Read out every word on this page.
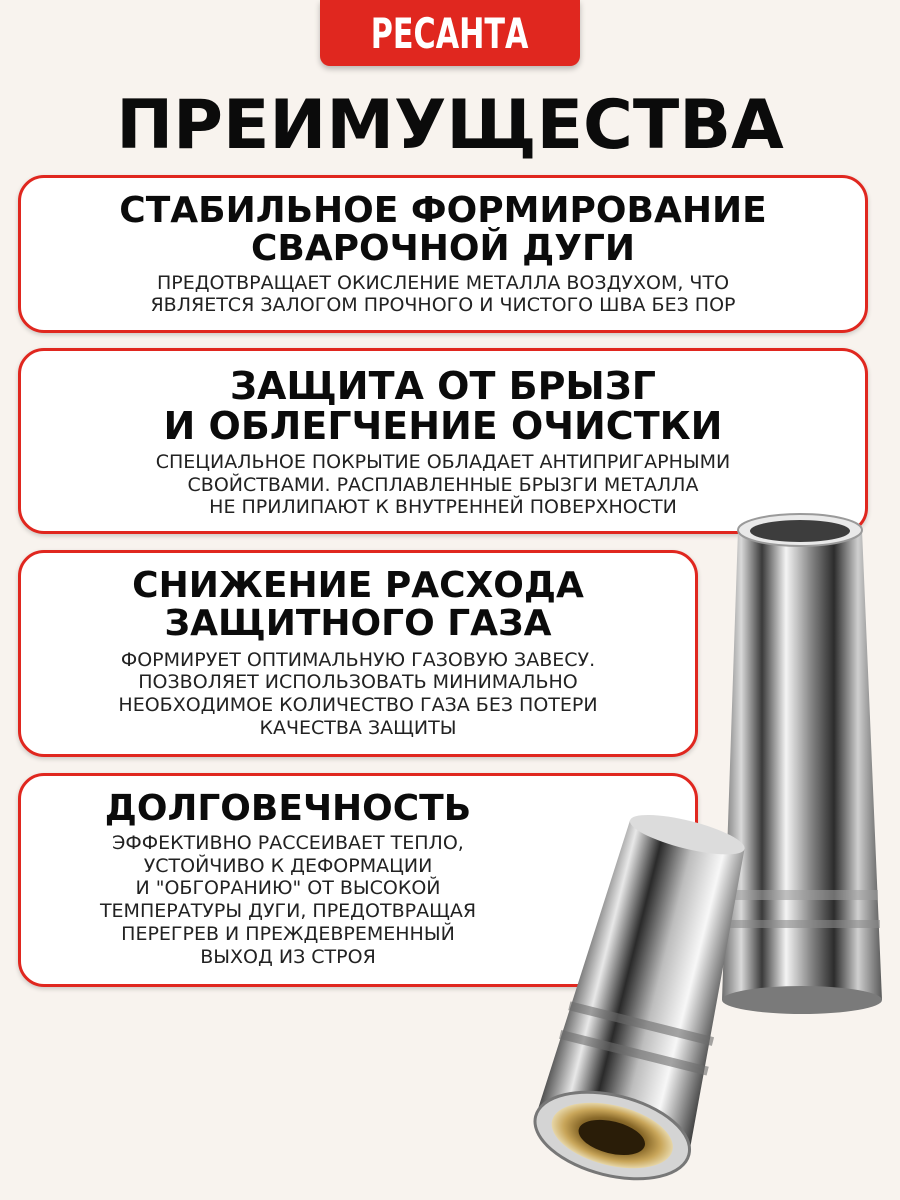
РЕСАНТА
ПРЕИМУЩЕСТВА
СТАБИЛЬНОЕ ФОРМИРОВАНИЕ
СВАРОЧНОЙ ДУГИ
ПРЕДОТВРАЩАЕТ ОКИСЛЕНИЕ МЕТАЛЛА ВОЗДУХОМ, ЧТО
ЯВЛЯЕТСЯ ЗАЛОГОМ ПРОЧНОГО И ЧИСТОГО ШВА БЕЗ ПОР
ЗАЩИТА ОТ БРЫЗГ
И ОБЛЕГЧЕНИЕ ОЧИСТКИ
СПЕЦИАЛЬНОЕ ПОКРЫТИЕ ОБЛАДАЕТ АНТИПРИГАРНЫМИ
СВОЙСТВАМИ. РАСПЛАВЛЕННЫЕ БРЫЗГИ МЕТАЛЛА
НЕ ПРИЛИПАЮТ К ВНУТРЕННЕЙ ПОВЕРХНОСТИ
СНИЖЕНИЕ РАСХОДА
ЗАЩИТНОГО ГАЗА
ФОРМИРУЕТ ОПТИМАЛЬНУЮ ГАЗОВУЮ ЗАВЕСУ.
ПОЗВОЛЯЕТ ИСПОЛЬЗОВАТЬ МИНИМАЛЬНО
НЕОБХОДИМОЕ КОЛИЧЕСТВО ГАЗА БЕЗ ПОТЕРИ
КАЧЕСТВА ЗАЩИТЫ
ДОЛГОВЕЧНОСТЬ
ЭФФЕКТИВНО РАССЕИВАЕТ ТЕПЛО,
УСТОЙЧИВО К ДЕФОРМАЦИИ
И "ОБГОРАНИЮ" ОТ ВЫСОКОЙ
ТЕМПЕРАТУРЫ ДУГИ, ПРЕДОТВРАЩАЯ
ПЕРЕГРЕВ И ПРЕЖДЕВРЕМЕННЫЙ
ВЫХОД ИЗ СТРОЯ
